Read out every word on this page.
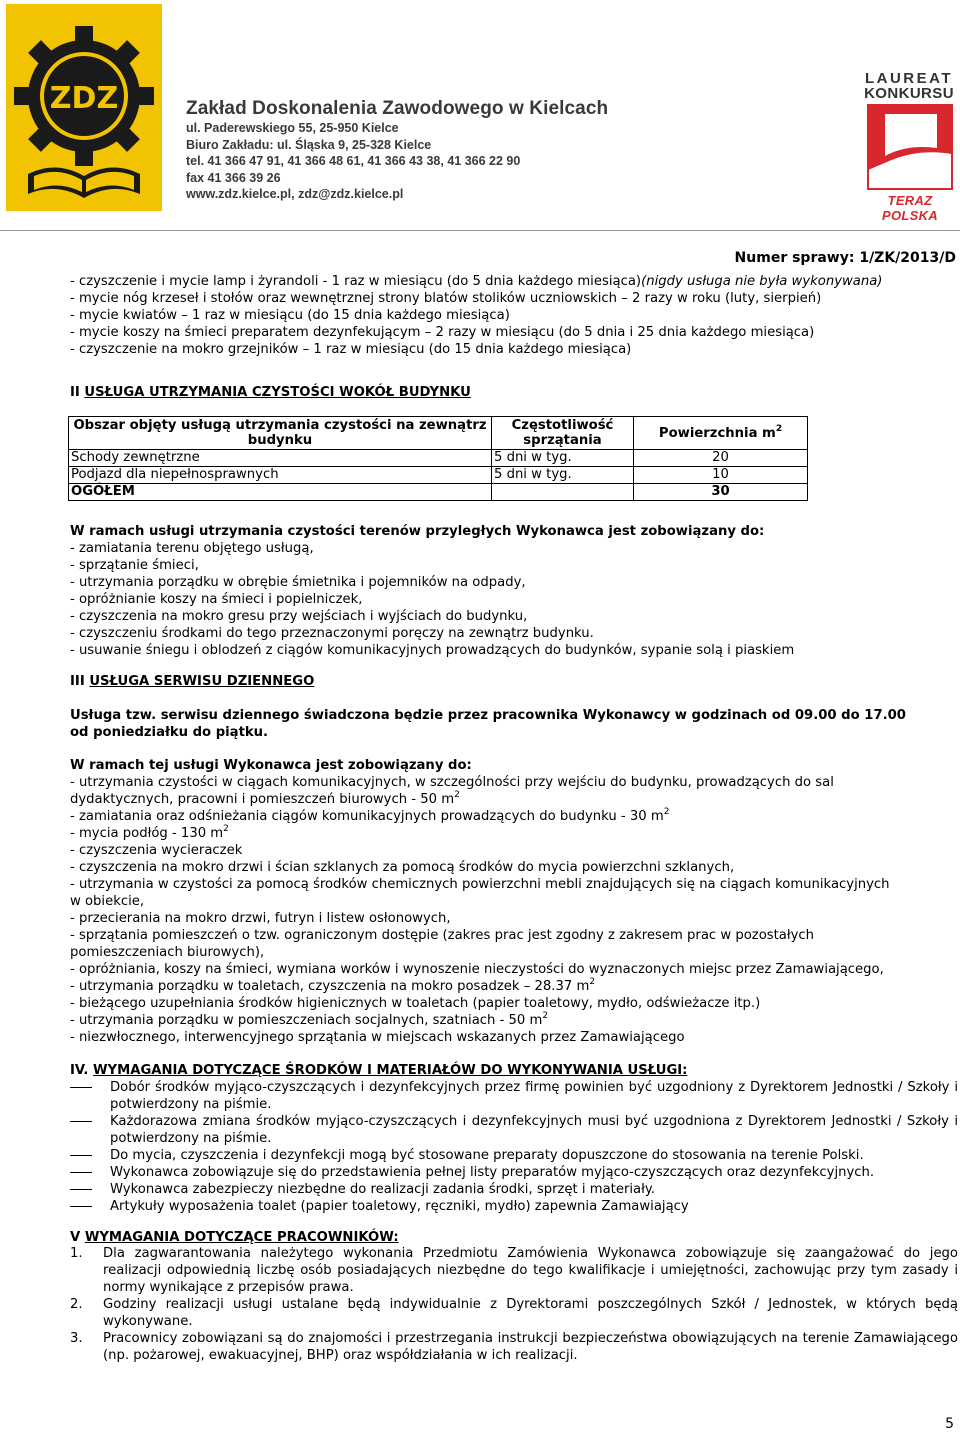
ZDZ	Zakład Doskonalenia Zawodowego w Kielcach
ul. Paderewskiego 55, 25-950 Kielce
Biuro Zakładu: ul. Śląska 9, 25-328 Kielce
tel. 41 366 47 91, 41 366 48 61, 41 366 43 38, 41 366 22 90
fax 41 366 39 26
www.zdz.kielce.pl, zdz@zdz.kielce.pl
LAUREAT
KONKURSU
TERAZ POLSKA
Numer sprawy: 1/ZK/2013/D

- czyszczenie i mycie lamp i żyrandoli - 1 raz w miesiącu (do 5 dnia każdego miesiąca)(nigdy usługa nie była wykonywana)

- mycie nóg krzeseł i stołów oraz wewnętrznej strony blatów stolików uczniowskich – 2 razy w roku (luty, sierpień)

- mycie kwiatów – 1 raz w miesiącu (do 15 dnia każdego miesiąca)

- mycie koszy na śmieci preparatem dezynfekującym – 2 razy w miesiącu (do 5 dnia i 25 dnia każdego miesiąca)

- czyszczenie na mokro grzejników – 1 raz w miesiącu (do 15 dnia każdego miesiąca)

II USŁUGA UTRZYMANIA CZYSTOŚCI WOKÓŁ BUDYNKU

Obszar objęty usługą utrzymania czystości na zewnątrz budynku	Częstotliwość sprzątania	Powierzchnia $m^2$
Schody zewnętrzne	5 dni w tyg.	20
Podjazd dla niepełnosprawnych	5 dni w tyg.	10
OGÓŁEM		30

W ramach usługi utrzymania czystości terenów przyległych Wykonawca jest zobowiązany do:

- zamiatania terenu objętego usługą,

- sprzątanie śmieci,

- utrzymania porządku w obrębie śmietnika i pojemników na odpady,

- opróżnianie koszy na śmieci i popielniczek,

- czyszczenia na mokro gresu przy wejściach i wyjściach do budynku,

- czyszczeniu środkami do tego przeznaczonymi poręczy na zewnątrz budynku.

- usuwanie śniegu i oblodzeń z ciągów komunikacyjnych prowadzących do budynków, sypanie solą i piaskiem

III USŁUGA SERWISU DZIENNEGO

Usługa tzw. serwisu dziennego świadczona będzie przez pracownika Wykonawcy w godzinach od 09.00 do 17.00

od poniedziałku do piątku.

W ramach tej usługi Wykonawca jest zobowiązany do:

- utrzymania czystości w ciągach komunikacyjnych, w szczególności przy wejściu do budynku, prowadzących do sal

dydaktycznych, pracowni i pomieszczeń biurowych - 50 $m^2$

- zamiatania oraz odśnieżania ciągów komunikacyjnych prowadzących do budynku - 30 $m^2$

- mycia podłóg - 130 $m^2$

- czyszczenia wycieraczek

- czyszczenia na mokro drzwi i ścian szklanych za pomocą środków do mycia powierzchni szklanych,

- utrzymania w czystości za pomocą środków chemicznych powierzchni mebli znajdujących się na ciągach komunikacyjnych

w obiekcie,

- przecierania na mokro drzwi, futryn i listew osłonowych,

- sprzątania pomieszczeń o tzw. ograniczonym dostępie (zakres prac jest zgodny z zakresem prac w pozostałych

pomieszczeniach biurowych),

- opróżniania, koszy na śmieci, wymiana worków i wynoszenie nieczystości do wyznaczonych miejsc przez Zamawiającego,

- utrzymania porządku w toaletach, czyszczenia na mokro posadzek – 28.37 $m^2$

- bieżącego uzupełniania środków higienicznych w toaletach (papier toaletowy, mydło, odświeżacze itp.)

- utrzymania porządku w pomieszczeniach socjalnych, szatniach - 50 $m^2$

- niezwłocznego, interwencyjnego sprzątania w miejscach wskazanych przez Zamawiającego

IV. WYMAGANIA DOTYCZĄCE ŚRODKÓW I MATERIAŁÓW DO WYKONYWANIA USŁUGI:

Dobór środków myjąco-czyszczących i dezynfekcyjnych przez firmę powinien być uzgodniony z Dyrektorem Jednostki / Szkoły i potwierdzony na piśmie.
Każdorazowa zmiana środków myjąco-czyszczących i dezynfekcyjnych musi być uzgodniona z Dyrektorem Jednostki / Szkoły i potwierdzony na piśmie.
Do mycia, czyszczenia i dezynfekcji mogą być stosowane preparaty dopuszczone do stosowania na terenie Polski.
Wykonawca zobowiązuje się do przedstawienia pełnej listy preparatów myjąco-czyszczących oraz dezynfekcyjnych.
Wykonawca zabezpieczy niezbędne do realizacji zadania środki, sprzęt i materiały.
Artykuły wyposażenia toalet (papier toaletowy, ręczniki, mydło) zapewnia Zamawiający

V WYMAGANIA DOTYCZĄCE PRACOWNIKÓW:

1. Dla zagwarantowania należytego wykonania Przedmiotu Zamówienia Wykonawca zobowiązuje się zaangażować do jego realizacji odpowiednią liczbę osób posiadających niezbędne do tego kwalifikacje i umiejętności, zachowując przy tym zasady i normy wynikające z przepisów prawa.
2. Godziny realizacji usługi ustalane będą indywidualnie z Dyrektorami poszczególnych Szkół / Jednostek, w których będą wykonywane.
3. Pracownicy zobowiązani są do znajomości i przestrzegania instrukcji bezpieczeństwa obowiązujących na terenie Zamawiającego (np. pożarowej, ewakuacyjnej, BHP) oraz współdziałania w ich realizacji.
5
